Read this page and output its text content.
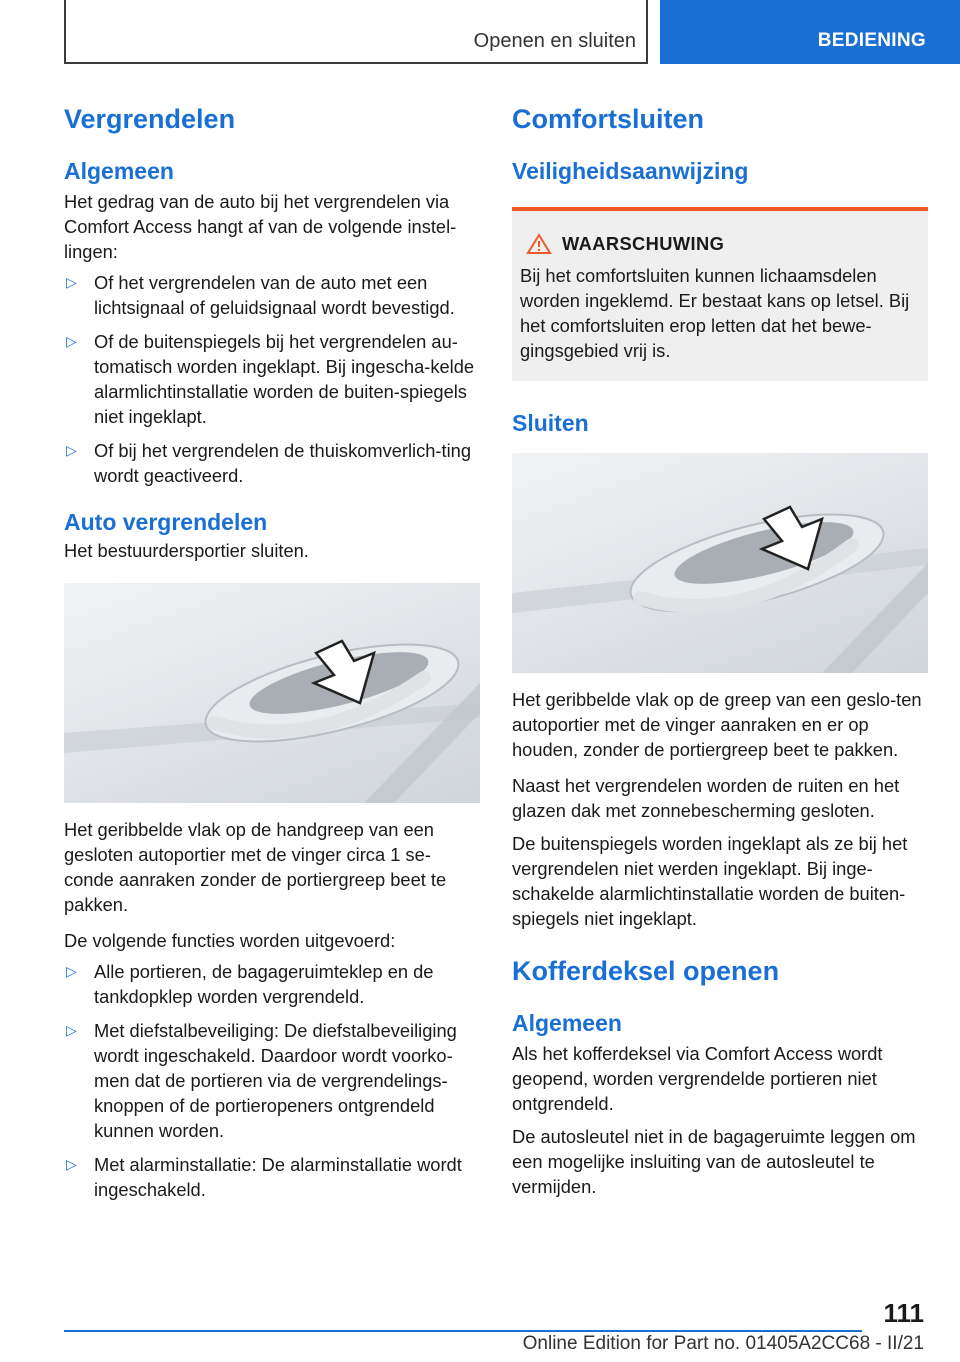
Openen en sluiten	BEDIENING
Vergrendelen
Algemeen

Het gedrag van de auto bij het vergrendelen via Comfort Access hangt af van de volgende instel-lingen:

▷ Of het vergrendelen van de auto met een lichtsignaal of geluidsignaal wordt bevestigd.
▷ Of de buitenspiegels bij het vergrendelen au-tomatisch worden ingeklapt. Bij ingescha-kelde alarmlichtinstallatie worden de buiten-spiegels niet ingeklapt.
▷ Of bij het vergrendelen de thuiskomverlich-ting wordt geactiveerd.
Auto vergrendelen

Het bestuurdersportier sluiten.

Het geribbelde vlak op de handgreep van een gesloten autoportier met de vinger circa 1 se-conde aanraken zonder de portiergreep beet te pakken.

De volgende functies worden uitgevoerd:

▷ Alle portieren, de bagageruimteklep en de tankdopklep worden vergrendeld.
▷ Met diefstalbeveiliging: De diefstalbeveiliging wordt ingeschakeld. Daardoor wordt voorko-men dat de portieren via de vergrendelings-knoppen of de portieropeners ontgrendeld kunnen worden.
▷ Met alarminstallatie: De alarminstallatie wordt ingeschakeld.
Comfortsluiten
Veiligheidsaanwijzing
WAARSCHUWING

Bij het comfortsluiten kunnen lichaamsdelen worden ingeklemd. Er bestaat kans op letsel. Bij het comfortsluiten erop letten dat het bewe-gingsgebied vrij is.

Sluiten

Het geribbelde vlak op de greep van een geslo-ten autoportier met de vinger aanraken en er op houden, zonder de portiergreep beet te pakken.

Naast het vergrendelen worden de ruiten en het glazen dak met zonnebescherming gesloten.

De buitenspiegels worden ingeklapt als ze bij het vergrendelen niet werden ingeklapt. Bij inge-schakelde alarmlichtinstallatie worden de buiten-spiegels niet ingeklapt.

Kofferdeksel openen
Algemeen

Als het kofferdeksel via Comfort Access wordt geopend, worden vergrendelde portieren niet ontgrendeld.

De autosleutel niet in de bagageruimte leggen om een mogelijke insluiting van de autosleutel te vermijden.

111
Online Edition for Part no. 01405A2CC68 - II/21
